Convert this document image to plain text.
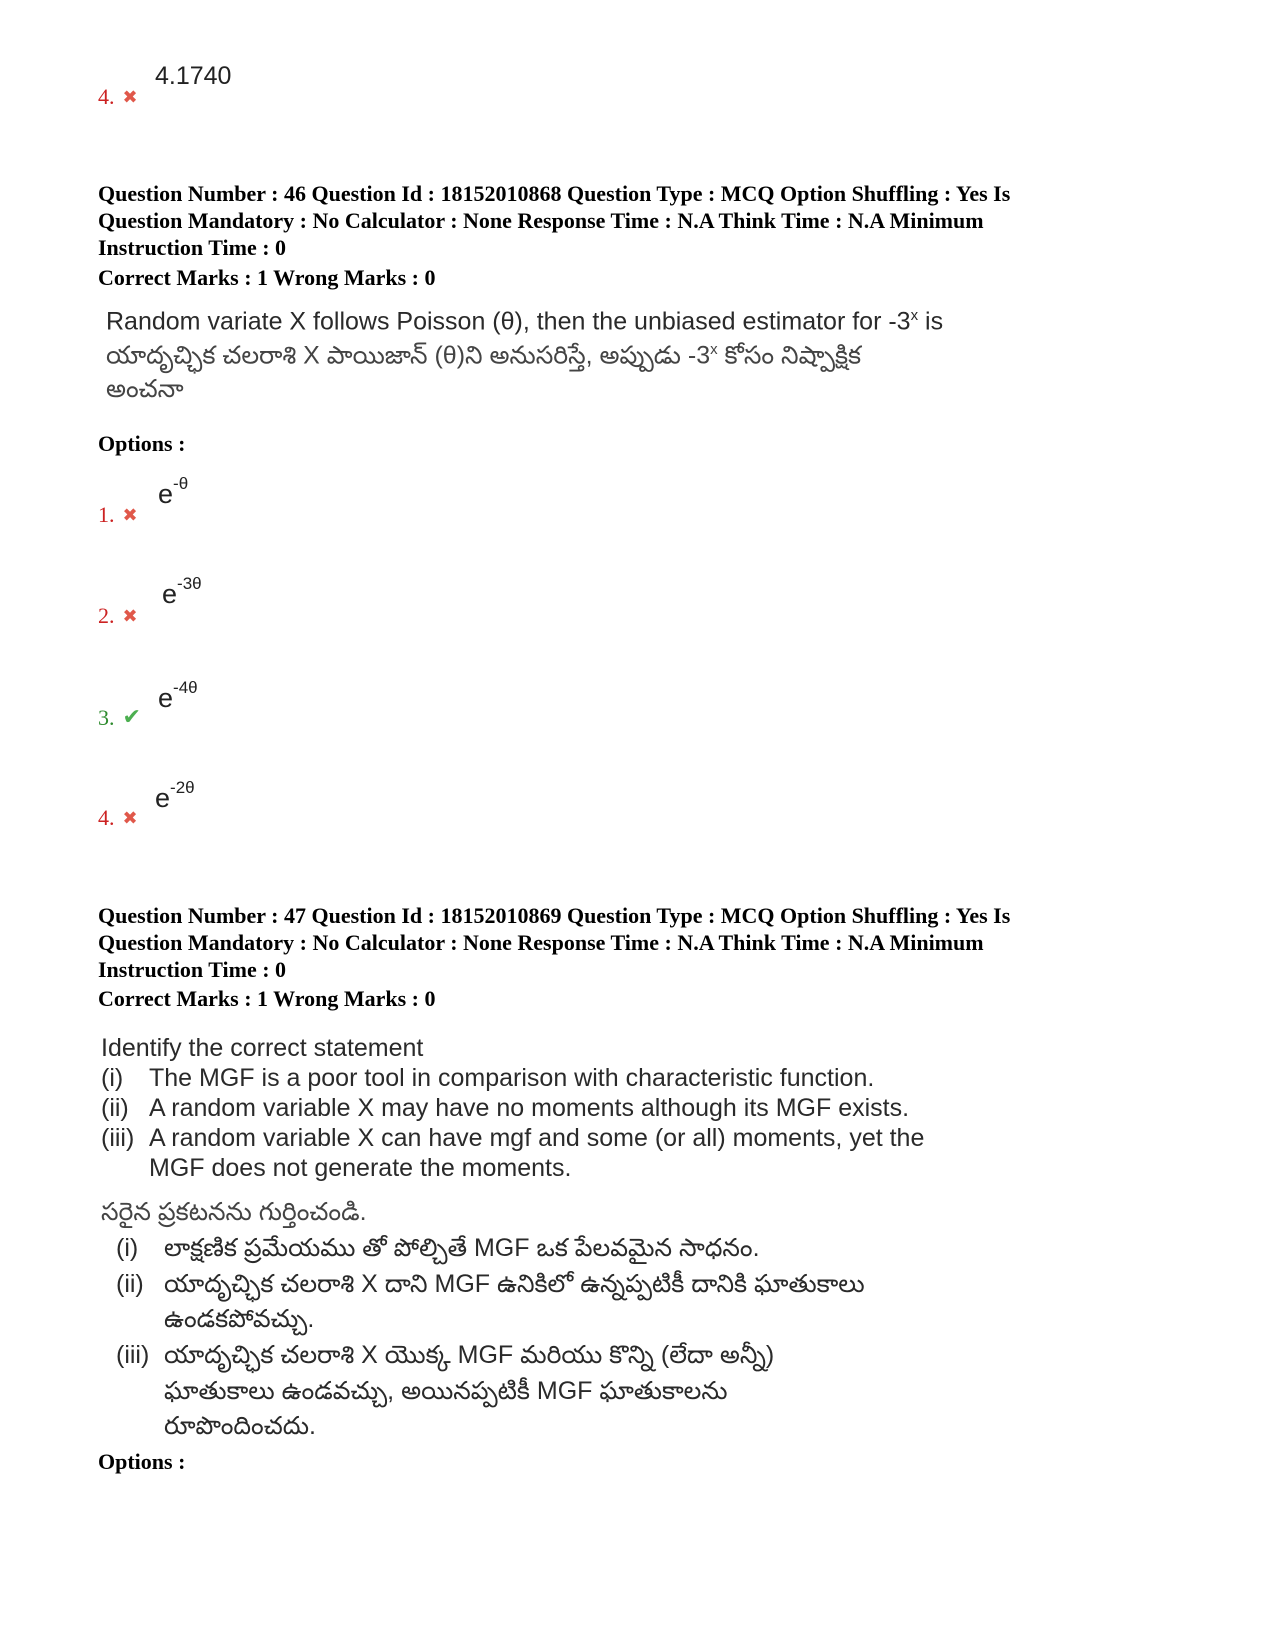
4.1740
4. ✖
Question Number : 46 Question Id : 18152010868 Question Type : MCQ Option Shuffling : Yes Is
Question Mandatory : No Calculator : None Response Time : N.A Think Time : N.A Minimum
Instruction Time : 0
Correct Marks : 1 Wrong Marks : 0
Random variate X follows Poisson (θ), then the unbiased estimator for -3$^x$ is
యాదృచ్ఛిక చలరాశి X పాయిజాన్ (θ)ని అనుసరిస్తే, అప్పుడు -3$^x$ కోసం నిష్పాక్షిక
అంచనా
Options :
$e^{-\theta}$
1. ✖
$e^{-3\theta}$
2. ✖
$e^{-4\theta}$
3. ✔
$e^{-2\theta}$
4. ✖
Question Number : 47 Question Id : 18152010869 Question Type : MCQ Option Shuffling : Yes Is
Question Mandatory : No Calculator : None Response Time : N.A Think Time : N.A Minimum
Instruction Time : 0
Correct Marks : 1 Wrong Marks : 0
Identify the correct statement
(i) The MGF is a poor tool in comparison with characteristic function.
(ii) A random variable X may have no moments although its MGF exists.
(iii) A random variable X can have mgf and some (or all) moments, yet the
MGF does not generate the moments.
సరైన ప్రకటనను గుర్తించండి.
(i) లాక్షణిక ప్రమేయము తో పోల్చితే MGF ఒక పేలవమైన సాధనం.
(ii) యాదృచ్ఛిక చలరాశి X దాని MGF ఉనికిలో ఉన్నప్పటికీ దానికి ఘాతుకాలు
ఉండకపోవచ్చు.
(iii) యాదృచ్ఛిక చలరాశి X యొక్క MGF మరియు కొన్ని (లేదా అన్నీ)
ఘాతుకాలు ఉండవచ్చు, అయినప్పటికీ MGF ఘాతుకాలను
రూపొందించదు.
Options :
